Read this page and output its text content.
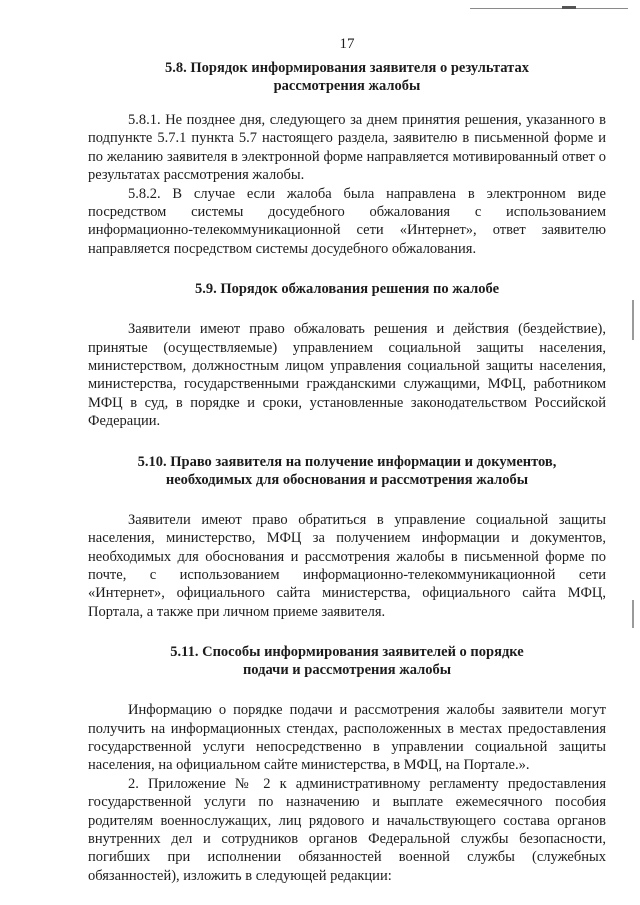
17
5.8. Порядок информирования заявителя о результатах
рассмотрения жалобы

5.8.1. Не позднее дня, следующего за днем принятия решения, указанного в подпункте 5.7.1 пункта 5.7 настоящего раздела, заявителю в письменной форме и по желанию заявителя в электронной форме направляется мотивированный ответ о результатах рассмотрения жалобы.

5.8.2. В случае если жалоба была направлена в электронном виде посредством системы досудебного обжалования с использованием информационно-телекоммуникационной сети «Интернет», ответ заявителю направляется посредством системы досудебного обжалования.

5.9. Порядок обжалования решения по жалобе

Заявители имеют право обжаловать решения и действия (бездействие), принятые (осуществляемые) управлением социальной защиты населения, министерством, должностным лицом управления социальной защиты населения, министерства, государственными гражданскими служащими, МФЦ, работником МФЦ в суд, в порядке и сроки, установленные законодательством Российской Федерации.

5.10. Право заявителя на получение информации и документов,
необходимых для обоснования и рассмотрения жалобы

Заявители имеют право обратиться в управление социальной защиты населения, министерство, МФЦ за получением информации и документов, необходимых для обоснования и рассмотрения жалобы в письменной форме по почте, с использованием информационно-телекоммуникационной сети «Интернет», официального сайта министерства, официального сайта МФЦ, Портала, а также при личном приеме заявителя.

5.11. Способы информирования заявителей о порядке
подачи и рассмотрения жалобы

Информацию о порядке подачи и рассмотрения жалобы заявители могут получить на информационных стендах, расположенных в местах предоставления государственной услуги непосредственно в управлении социальной защиты населения, на официальном сайте министерства, в МФЦ, на Портале.».

2. Приложение № 2 к административному регламенту предоставления государственной услуги по назначению и выплате ежемесячного пособия родителям военнослужащих, лиц рядового и начальствующего состава органов внутренних дел и сотрудников органов Федеральной службы безопасности, погибших при исполнении обязанностей военной службы (служебных обязанностей), изложить в следующей редакции:
